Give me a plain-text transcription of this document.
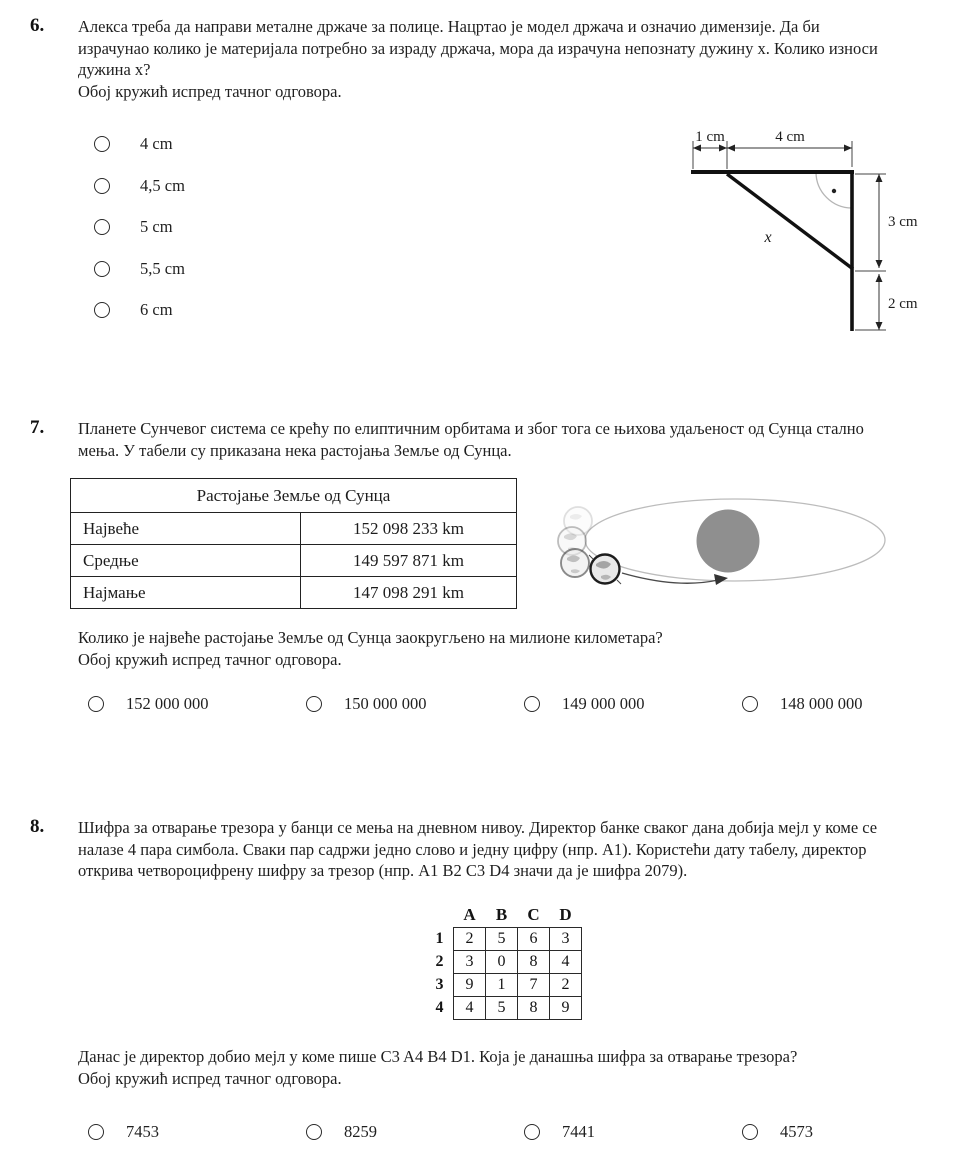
6. Алекса треба да направи металне држаче за полице. Нацртао је модел држача и означио димензије. Да би
израчунао колико је материјала потребно за израду држача, мора да израчуна непознату дужину x. Колико износи
дужина x?
Обој кружић испред тачног одговора.
4 cm
4,5 cm
5 cm
5,5 cm
6 cm
1 cm	4 cm
3 cm
2 cm
x
7. Планете Сунчевог система се крећу по елиптичним орбитама и због тога се њихова удаљеност од Сунца стално
мења. У табели су приказана нека растојања Земље од Сунца.
Растојање Земље од Сунца	
Највеће	152 098 233 km
Средње	149 597 871 km
Најмање	147 098 291 km
Колико је највеће растојање Земље од Сунца заокругљено на милионе километара?
Обој кружић испред тачног одговора.
152 000 000	150 000 000	149 000 000	148 000 000
8. Шифра за отварање трезора у банци се мења на дневном нивоу. Директор банке сваког дана добија мејл у коме се
налазе 4 пара симбола. Сваки пар садржи једно слово и једну цифру (нпр. A1). Користећи дату табелу, директор
открива четвороцифрену шифру за трезор (нпр. A1 B2 C3 D4 значи да је шифра 2079).
	A	B	C	D
1	2	5	6	3
2	3	0	8	4
3	9	1	7	2
4	4	5	8	9
Данас је директор добио мејл у коме пише C3 A4 B4 D1. Која је данашња шифра за отварање трезора?
Обој кружић испред тачног одговора.
7453	8259	7441	4573
